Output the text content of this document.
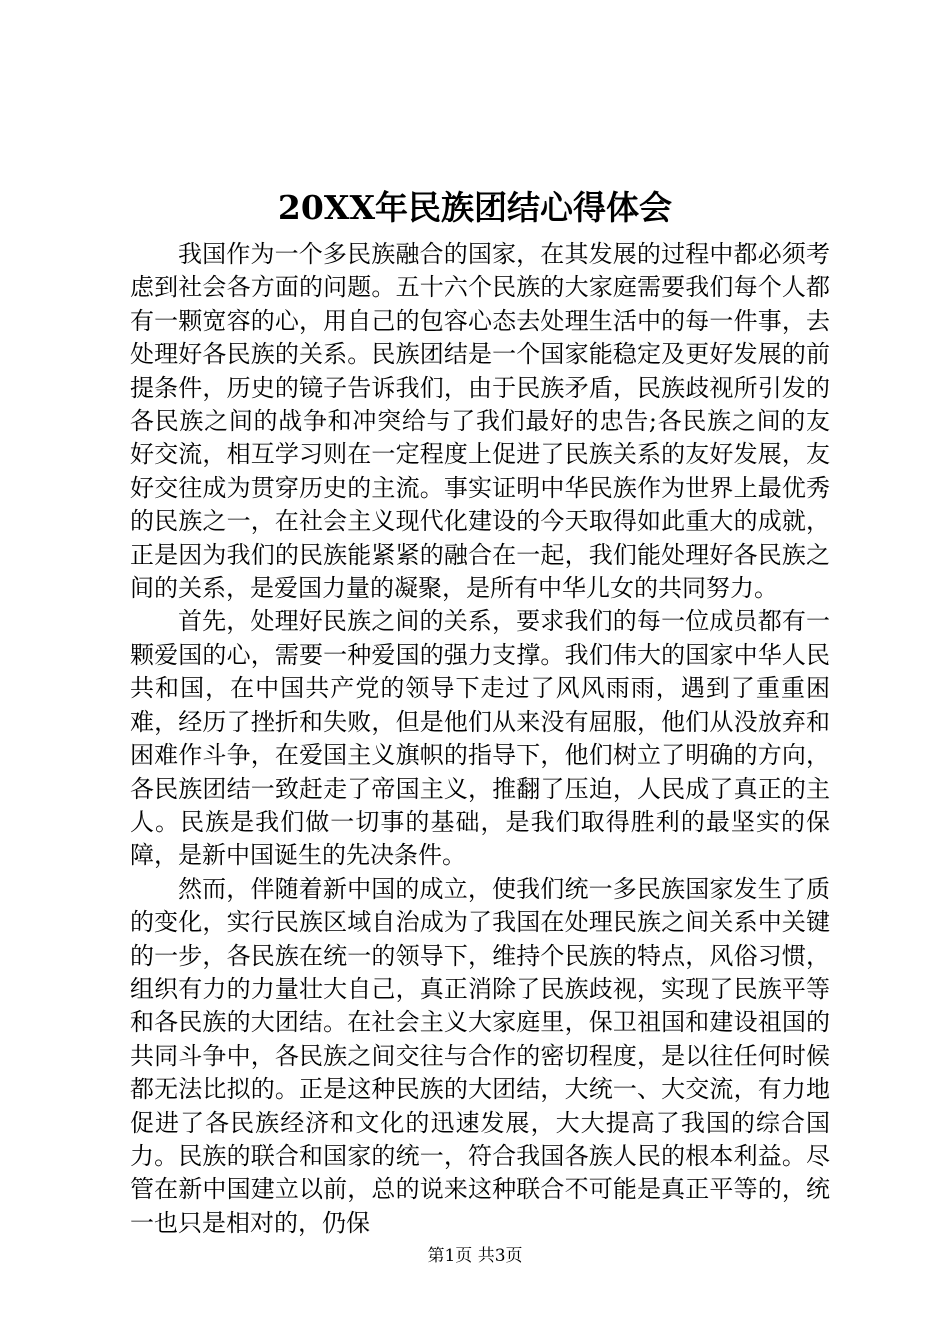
20XX年民族团结心得体会

我国作为一个多民族融合的国家，在其发展的过程中都必须考虑到社会各方面的问题。五十六个民族的大家庭需要我们每个人都有一颗宽容的心，用自己的包容心态去处理生活中的每一件事，去处理好各民族的关系。民族团结是一个国家能稳定及更好发展的前提条件，历史的镜子告诉我们，由于民族矛盾，民族歧视所引发的各民族之间的战争和冲突给与了我们最好的忠告;各民族之间的友好交流，相互学习则在一定程度上促进了民族关系的友好发展，友好交往成为贯穿历史的主流。事实证明中华民族作为世界上最优秀的民族之一，在社会主义现代化建设的今天取得如此重大的成就，正是因为我们的民族能紧紧的融合在一起，我们能处理好各民族之间的关系，是爱国力量的凝聚，是所有中华儿女的共同努力。

首先，处理好民族之间的关系，要求我们的每一位成员都有一颗爱国的心，需要一种爱国的强力支撑。我们伟大的国家中华人民共和国，在中国共产党的领导下走过了风风雨雨，遇到了重重困难，经历了挫折和失败，但是他们从来没有屈服，他们从没放弃和困难作斗争，在爱国主义旗帜的指导下，他们树立了明确的方向，各民族团结一致赶走了帝国主义，推翻了压迫，人民成了真正的主人。民族是我们做一切事的基础，是我们取得胜利的最坚实的保障，是新中国诞生的先决条件。

然而，伴随着新中国的成立，使我们统一多民族国家发生了质的变化，实行民族区域自治成为了我国在处理民族之间关系中关键的一步，各民族在统一的领导下，维持个民族的特点，风俗习惯，组织有力的力量壮大自己，真正消除了民族歧视，实现了民族平等和各民族的大团结。在社会主义大家庭里，保卫祖国和建设祖国的共同斗争中，各民族之间交往与合作的密切程度，是以往任何时候都无法比拟的。正是这种民族的大团结，大统一、大交流，有力地促进了各民族经济和文化的迅速发展，大大提高了我国的综合国力。民族的联合和国家的统一，符合我国各族人民的根本利益。尽管在新中国建立以前，总的说来这种联合不可能是真正平等的，统一也只是相对的，仍保

第1页 共3页
